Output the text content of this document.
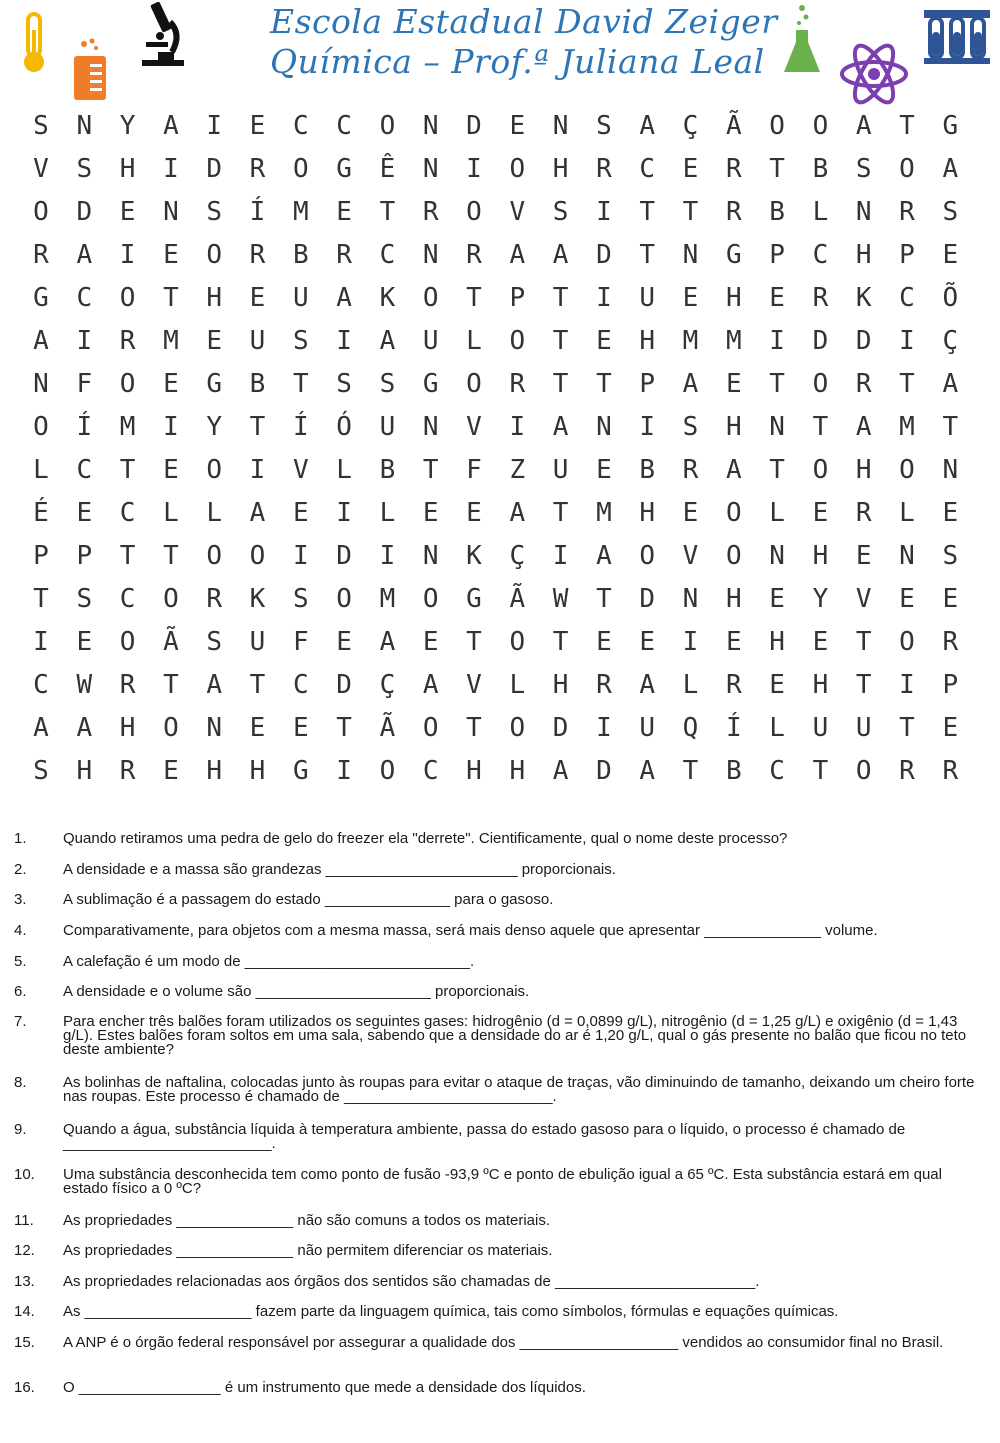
Escola Estadual David Zeiger
Química – Prof.ª Juliana Leal
S N Y A I E C C O N D E N S A Ç Ã O O A T G
V S H I D R O G Ê N I O H R C E R T B S O A
O D E N S Í M E T R O V S I T T R B L N R S
R A I E O R B R C N R A A D T N G P C H P E
G C O T H E U A K O T P T I U E H E R K C Õ
A I R M E U S I A U L O T E H M M I D D I Ç
N F O E G B T S S G O R T T P A E T O R T A
O Í M I Y T Í Ó U N V I A N I S H N T A M T
L C T E O I V L B T F Z U E B R A T O H O N
É E C L L A E I L E E A T M H E O L E R L E
P P T T O O I D I N K Ç I A O V O N H E N S
T S C O R K S O M O G Ã W T D N H E Y V E E
I E O Ã S U F E A E T O T E E I E H E T O R
C W R T A T C D Ç A V L H R A L R E H T I P
A A H O N E E T Ã O T O D I U Q Í L U U T E
S H R E H H G I O C H H A D A T B C T O R R
1.	Quando retiramos uma pedra de gelo do freezer ela "derrete". Cientificamente, qual o nome deste processo?
2.	A densidade e a massa são grandezas _______________________ proporcionais.
3.	A sublimação é a passagem do estado _______________ para o gasoso.
4.	Comparativamente, para objetos com a mesma massa, será mais denso aquele que apresentar ______________ volume.
5.	A calefação é um modo de ___________________________.
6.	A densidade e o volume são _____________________ proporcionais.
7.	Para encher três balões foram utilizados os seguintes gases: hidrogênio (d = 0,0899 g/L), nitrogênio (d = 1,25 g/L) e oxigênio (d = 1,43 g/L). Estes balões foram soltos em uma sala, sabendo que a densidade do ar é 1,20 g/L, qual o gás presente no balão que ficou no teto deste ambiente?
8.	As bolinhas de naftalina, colocadas junto às roupas para evitar o ataque de traças, vão diminuindo de tamanho, deixando um cheiro forte nas roupas. Este processo é chamado de _________________________.
9.	Quando a água, substância líquida à temperatura ambiente, passa do estado gasoso para o líquido, o processo é chamado de _________________________.
10.	Uma substância desconhecida tem como ponto de fusão -93,9 ºC e ponto de ebulição igual a 65 ºC. Esta substância estará em qual estado físico a 0 ºC?
11.	As propriedades ______________ não são comuns a todos os materiais.
12.	As propriedades ______________ não permitem diferenciar os materiais.
13.	As propriedades relacionadas aos órgãos dos sentidos são chamadas de ________________________.
14.	As ____________________ fazem parte da linguagem química, tais como símbolos, fórmulas e equações químicas.
15.	A ANP é o órgão federal responsável por assegurar a qualidade dos ___________________ vendidos ao consumidor final no Brasil.
16.	O _________________ é um instrumento que mede a densidade dos líquidos.
